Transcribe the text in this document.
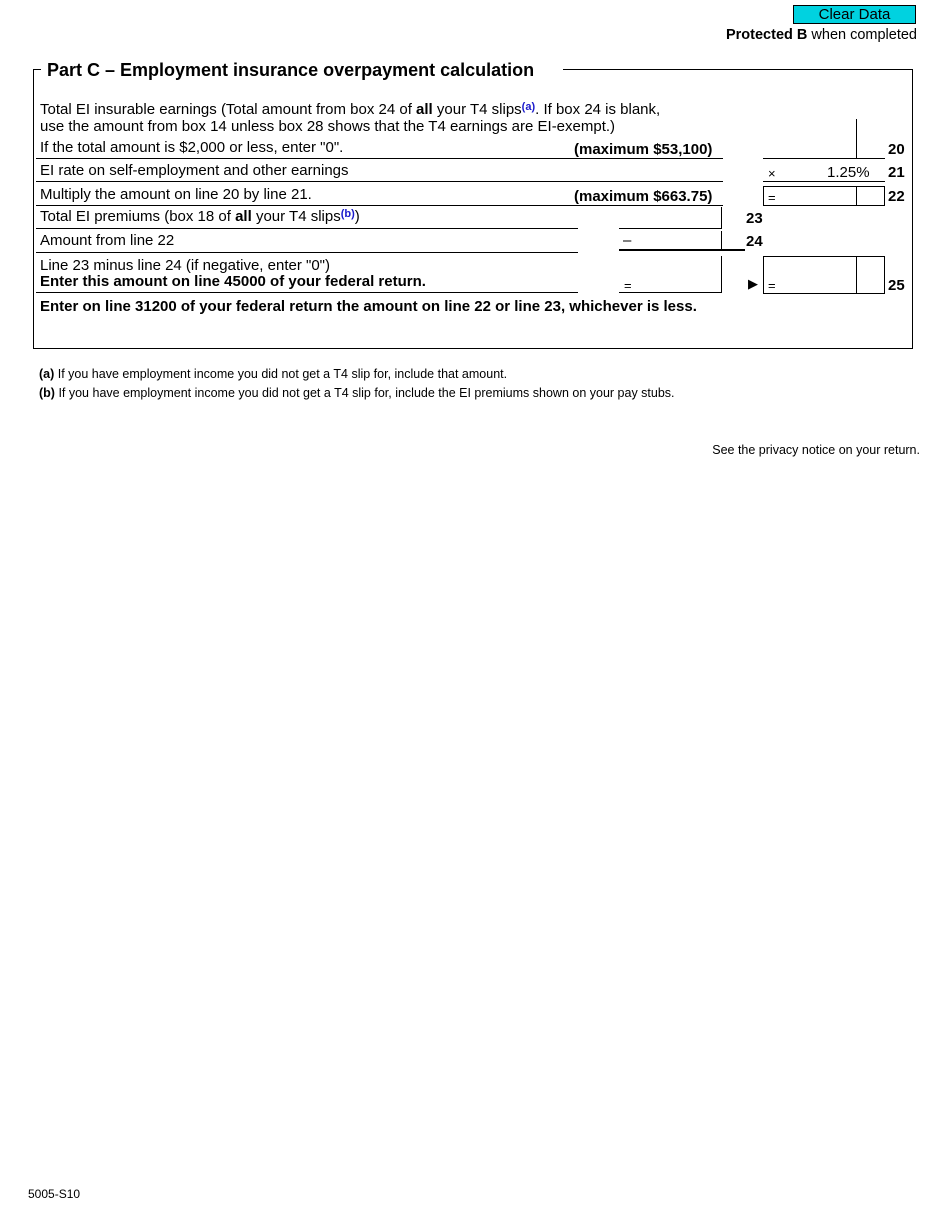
Clear Data
Protected B when completed
Part C – Employment insurance overpayment calculation
Total EI insurable earnings (Total amount from box 24 of all your T4 slips$^{(a)}$. If box 24 is blank,
use the amount from box 14 unless box 28 shows that the T4 earnings are EI-exempt.)
If the total amount is $2,000 or less, enter "0".	(maximum $53,100)	20
EI rate on self-employment and other earnings	×	1.25% 21
Multiply the amount on line 20 by line 21.	(maximum $663.75)	=	22
Total EI premiums (box 18 of all your T4 slips$^{(b)}$)	23
Amount from line 22	–	24
Line 23 minus line 24 (if negative, enter "0")
Enter this amount on line 45000 of your federal return.	=	▶ =	25
Enter on line 31200 of your federal return the amount on line 22 or line 23, whichever is less.
(a) If you have employment income you did not get a T4 slip for, include that amount.
(b) If you have employment income you did not get a T4 slip for, include the EI premiums shown on your pay stubs.
See the privacy notice on your return.
5005-S10
